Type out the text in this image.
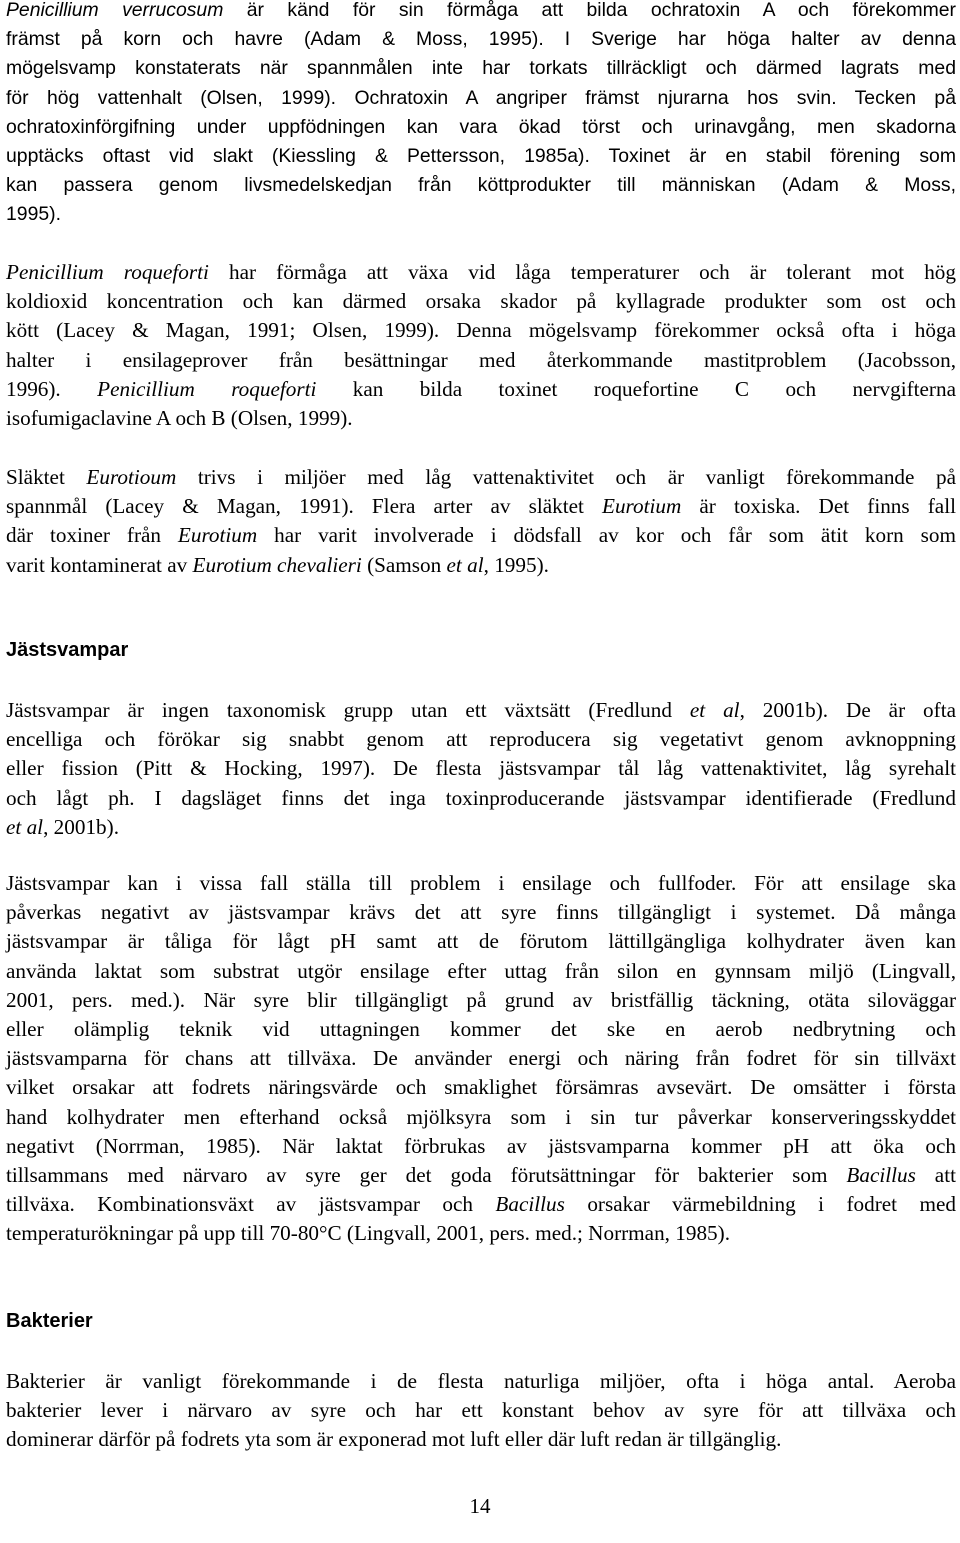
Penicillium verrucosum är känd för sin förmåga att bilda ochratoxin A och förekommer
främst på korn och havre (Adam & Moss, 1995). I Sverige har höga halter av denna
mögelsvamp konstaterats när spannmålen inte har torkats tillräckligt och därmed lagrats med
för hög vattenhalt (Olsen, 1999). Ochratoxin A angriper främst njurarna hos svin. Tecken på
ochratoxinförgifning under uppfödningen kan vara ökad törst och urinavgång, men skadorna
upptäcks oftast vid slakt (Kiessling & Pettersson, 1985a). Toxinet är en stabil förening som
kan passera genom livsmedelskedjan från köttprodukter till människan (Adam & Moss,
1995).
Penicillium roqueforti har förmåga att växa vid låga temperaturer och är tolerant mot hög
koldioxid koncentration och kan därmed orsaka skador på kyllagrade produkter som ost och
kött (Lacey & Magan, 1991; Olsen, 1999). Denna mögelsvamp förekommer också ofta i höga
halter i ensilageprover från besättningar med återkommande mastitproblem (Jacobsson,
1996). Penicillium roqueforti kan bilda toxinet roquefortine C och nervgifterna
isofumigaclavine A och B (Olsen, 1999).
Släktet Eurotioum trivs i miljöer med låg vattenaktivitet och är vanligt förekommande på
spannmål (Lacey & Magan, 1991). Flera arter av släktet Eurotium är toxiska. Det finns fall
där toxiner från Eurotium har varit involverade i dödsfall av kor och får som ätit korn som
varit kontaminerat av Eurotium chevalieri (Samson et al, 1995).
Jästsvampar
Jästsvampar är ingen taxonomisk grupp utan ett växtsätt (Fredlund et al, 2001b). De är ofta
encelliga och förökar sig snabbt genom att reproducera sig vegetativt genom avknoppning
eller fission (Pitt & Hocking, 1997). De flesta jästsvampar tål låg vattenaktivitet, låg syrehalt
och lågt ph. I dagsläget finns det inga toxinproducerande jästsvampar identifierade (Fredlund
et al, 2001b).
Jästsvampar kan i vissa fall ställa till problem i ensilage och fullfoder. För att ensilage ska
påverkas negativt av jästsvampar krävs det att syre finns tillgängligt i systemet. Då många
jästsvampar är tåliga för lågt pH samt att de förutom lättillgängliga kolhydrater även kan
använda laktat som substrat utgör ensilage efter uttag från silon en gynnsam miljö (Lingvall,
2001, pers. med.). När syre blir tillgängligt på grund av bristfällig täckning, otäta siloväggar
eller olämplig teknik vid uttagningen kommer det ske en aerob nedbrytning och
jästsvamparna för chans att tillväxa. De använder energi och näring från fodret för sin tillväxt
vilket orsakar att fodrets näringsvärde och smaklighet försämras avsevärt. De omsätter i första
hand kolhydrater men efterhand också mjölksyra som i sin tur påverkar konserveringsskyddet
negativt (Norrman, 1985). När laktat förbrukas av jästsvamparna kommer pH att öka och
tillsammans med närvaro av syre ger det goda förutsättningar för bakterier som Bacillus att
tillväxa. Kombinationsväxt av jästsvampar och Bacillus orsakar värmebildning i fodret med
temperaturökningar på upp till 70-80°C (Lingvall, 2001, pers. med.; Norrman, 1985).
Bakterier
Bakterier är vanligt förekommande i de flesta naturliga miljöer, ofta i höga antal. Aeroba
bakterier lever i närvaro av syre och har ett konstant behov av syre för att tillväxa och
dominerar därför på fodrets yta som är exponerad mot luft eller där luft redan är tillgänglig.

14
